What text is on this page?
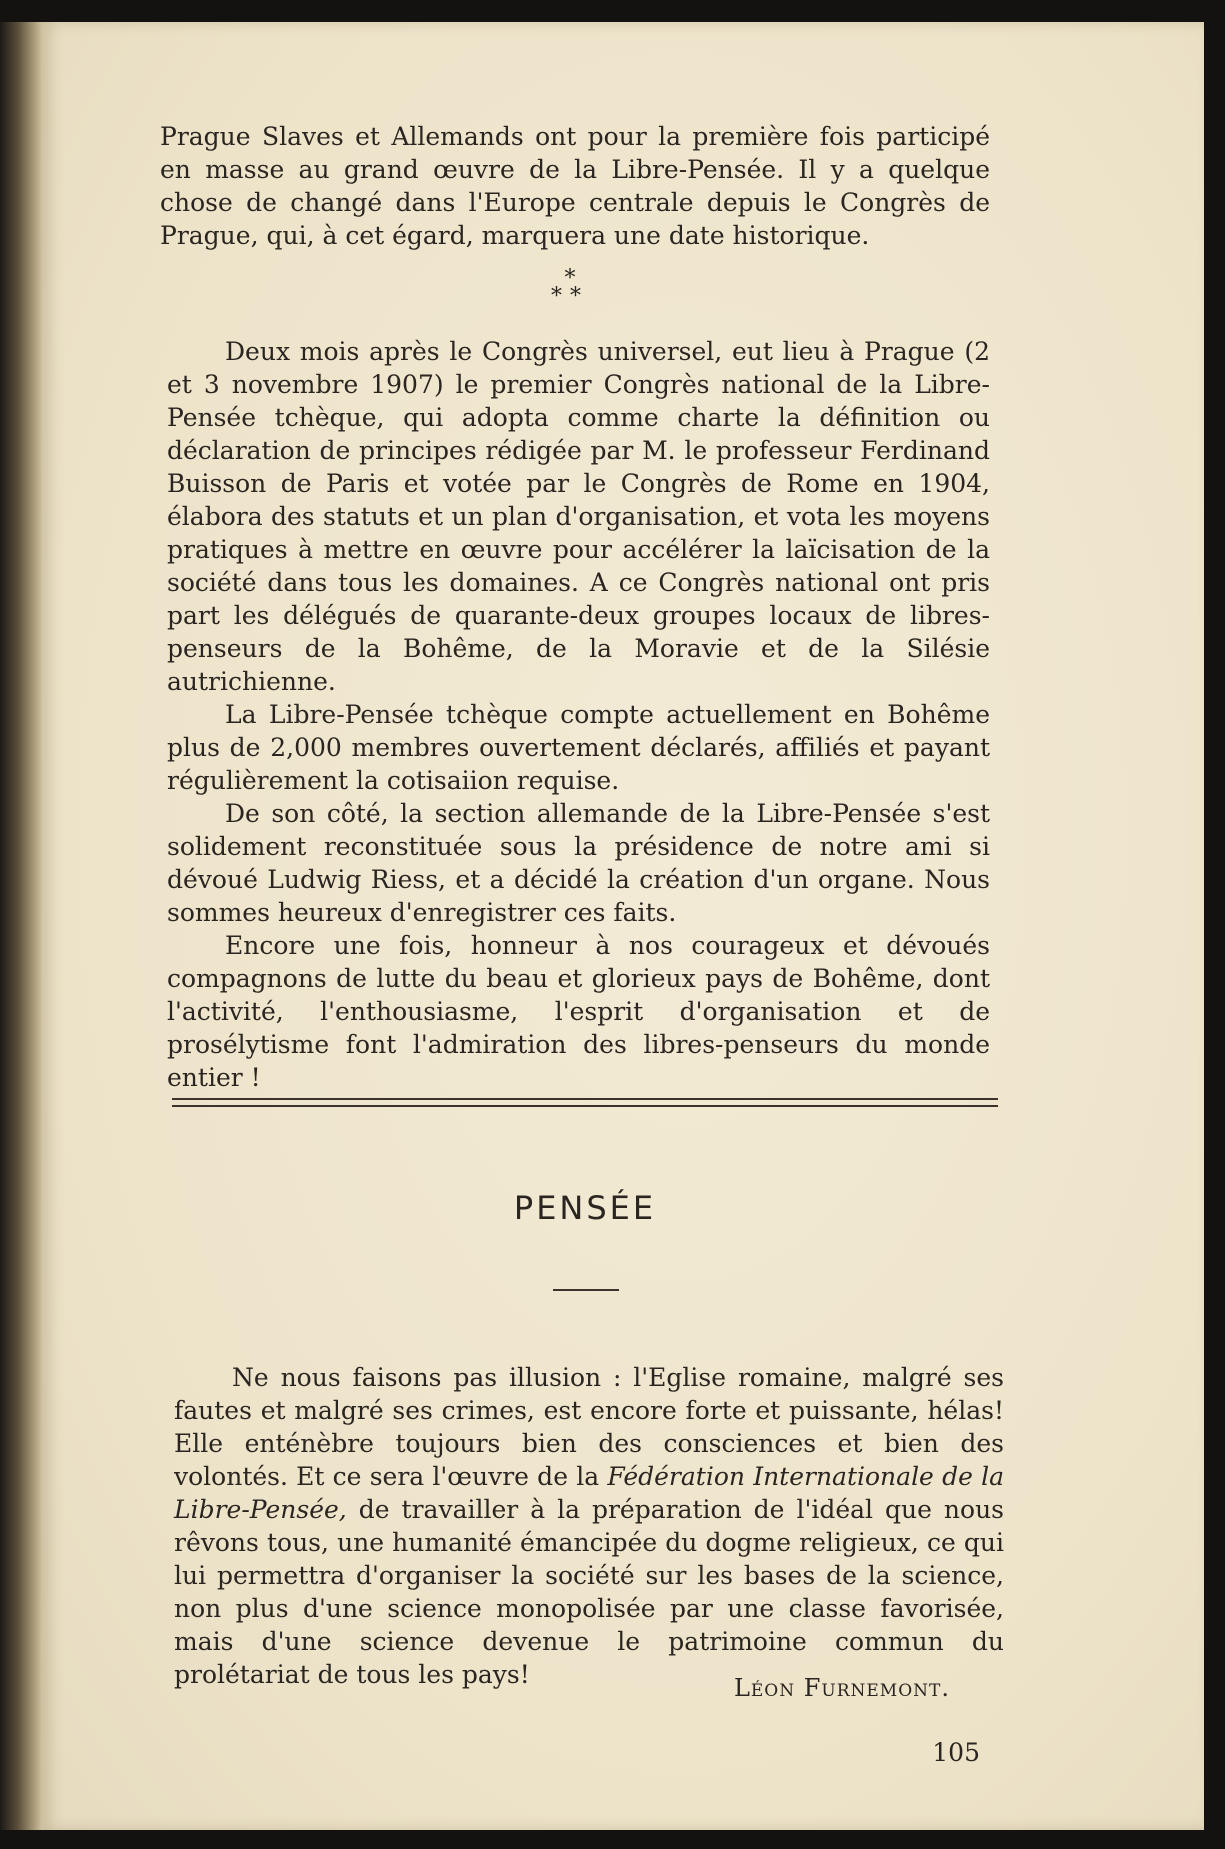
Prague Slaves et Allemands ont pour la première fois participé en masse au grand œuvre de la Libre-Pensée. Il y a quelque chose de changé dans l'Europe centrale depuis le Congrès de Prague, qui, à cet égard, marquera une date historique.

*
**

Deux mois après le Congrès universel, eut lieu à Prague (2 et 3 novembre 1907) le premier Congrès national de la Libre-Pensée tchèque, qui adopta comme charte la définition ou déclaration de principes rédigée par M. le professeur Ferdinand Buisson de Paris et votée par le Congrès de Rome en 1904, élabora des statuts et un plan d'organisation, et vota les moyens pratiques à mettre en œuvre pour accélérer la laïcisation de la société dans tous les domaines. A ce Congrès national ont pris part les délégués de quarante-deux groupes locaux de libres-penseurs de la Bohême, de la Moravie et de la Silésie autrichienne.

La Libre-Pensée tchèque compte actuellement en Bohême plus de 2,000 membres ouvertement déclarés, affiliés et payant régulièrement la cotisaiion requise.

De son côté, la section allemande de la Libre-Pensée s'est solidement reconstituée sous la présidence de notre ami si dévoué Ludwig Riess, et a décidé la création d'un organe. Nous sommes heureux d'enregistrer ces faits.

Encore une fois, honneur à nos courageux et dévoués compagnons de lutte du beau et glorieux pays de Bohême, dont l'activité, l'enthousiasme, l'esprit d'organisation et de prosélytisme font l'admiration des libres-penseurs du monde entier !

PENSÉE

Ne nous faisons pas illusion : l'Eglise romaine, malgré ses fautes et malgré ses crimes, est encore forte et puissante, hélas! Elle enténèbre toujours bien des consciences et bien des volontés. Et ce sera l'œuvre de la Fédération Internationale de la Libre-Pensée, de travailler à la préparation de l'idéal que nous rêvons tous, une humanité émancipée du dogme religieux, ce qui lui permettra d'organiser la société sur les bases de la science, non plus d'une science monopolisée par une classe favorisée, mais d'une science devenue le patrimoine commun du prolétariat de tous les pays!	Léon Furnemont.
105
